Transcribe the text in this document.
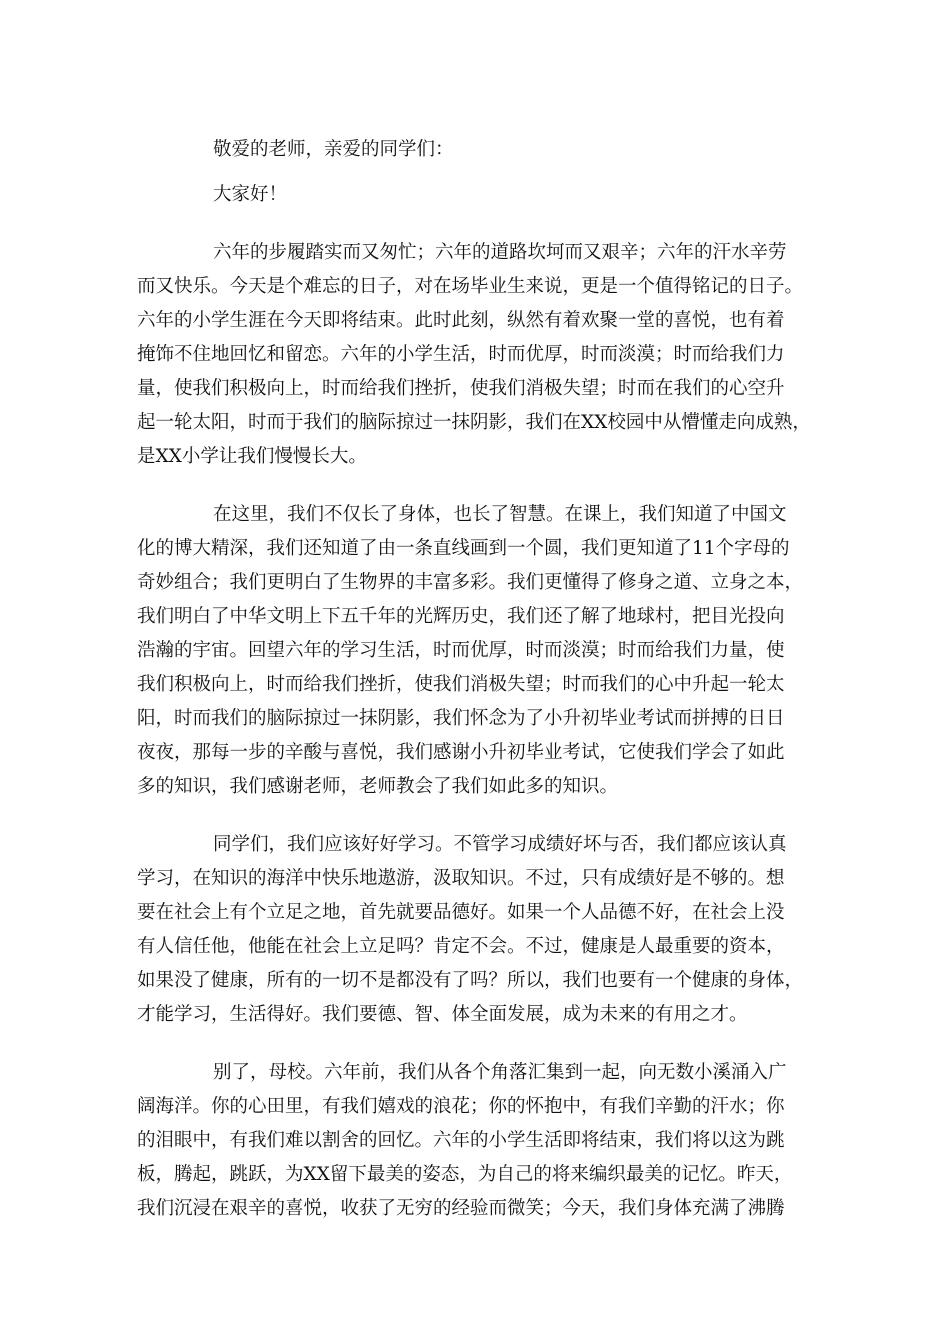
敬爱的老师，亲爱的同学们：

大家好！

六年的步履踏实而又匆忙；六年的道路坎坷而又艰辛；六年的汗水辛劳
而又快乐。今天是个难忘的日子，对在场毕业生来说，更是一个值得铭记的日子。
六年的小学生涯在今天即将结束。此时此刻，纵然有着欢聚一堂的喜悦，也有着
掩饰不住地回忆和留恋。六年的小学生活，时而优厚，时而淡漠；时而给我们力
量，使我们积极向上，时而给我们挫折，使我们消极失望；时而在我们的心空升
起一轮太阳，时而于我们的脑际掠过一抹阴影，我们在XX校园中从懵懂走向成熟，
是XX小学让我们慢慢长大。

在这里，我们不仅长了身体，也长了智慧。在课上，我们知道了中国文
化的博大精深，我们还知道了由一条直线画到一个圆，我们更知道了11个字母的
奇妙组合；我们更明白了生物界的丰富多彩。我们更懂得了修身之道、立身之本，
我们明白了中华文明上下五千年的光辉历史，我们还了解了地球村，把目光投向
浩瀚的宇宙。回望六年的学习生活，时而优厚，时而淡漠；时而给我们力量，使
我们积极向上，时而给我们挫折，使我们消极失望；时而我们的心中升起一轮太
阳，时而我们的脑际掠过一抹阴影，我们怀念为了小升初毕业考试而拼搏的日日
夜夜，那每一步的辛酸与喜悦，我们感谢小升初毕业考试，它使我们学会了如此
多的知识，我们感谢老师，老师教会了我们如此多的知识。

同学们，我们应该好好学习。不管学习成绩好坏与否，我们都应该认真
学习，在知识的海洋中快乐地遨游，汲取知识。不过，只有成绩好是不够的。想
要在社会上有个立足之地，首先就要品德好。如果一个人品德不好，在社会上没
有人信任他，他能在社会上立足吗？肯定不会。不过，健康是人最重要的资本，
如果没了健康，所有的一切不是都没有了吗？所以，我们也要有一个健康的身体，
才能学习，生活得好。我们要德、智、体全面发展，成为未来的有用之才。

别了，母校。六年前，我们从各个角落汇集到一起，向无数小溪涌入广
阔海洋。你的心田里，有我们嬉戏的浪花；你的怀抱中，有我们辛勤的汗水；你
的泪眼中，有我们难以割舍的回忆。六年的小学生活即将结束，我们将以这为跳
板，腾起，跳跃，为XX留下最美的姿态，为自己的将来编织最美的记忆。昨天，
我们沉浸在艰辛的喜悦，收获了无穷的经验而微笑；今天，我们身体充满了沸腾
